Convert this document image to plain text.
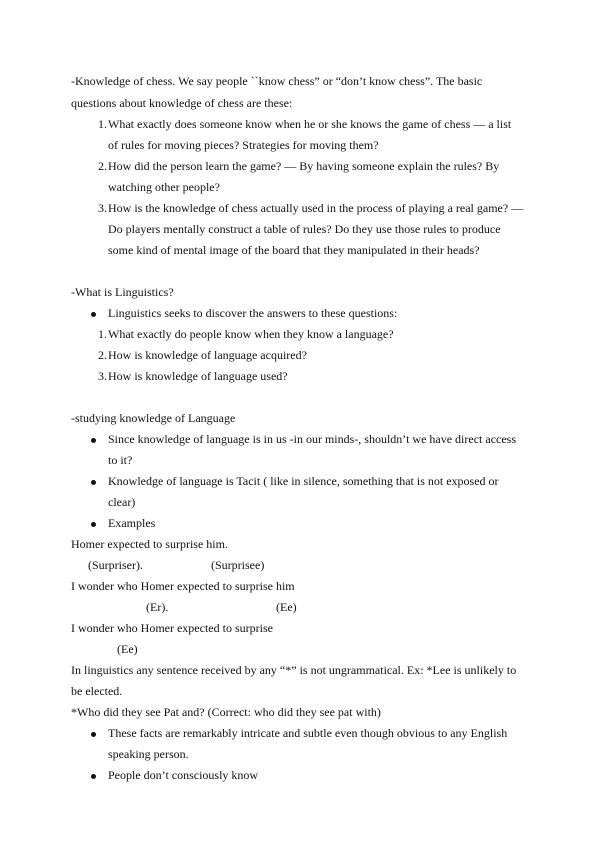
-Knowledge of chess. We say people ``know chess” or “don’t know chess”. The basic
questions about knowledge of chess are these:
1. What exactly does someone know when he or she knows the game of chess — a list
of rules for moving pieces? Strategies for moving them?
2. How did the person learn the game? — By having someone explain the rules? By
watching other people?
3. How is the knowledge of chess actually used in the process of playing a real game? —
Do players mentally construct a table of rules? Do they use those rules to produce
some kind of mental image of the board that they manipulated in their heads?
-What is Linguistics?
Linguistics seeks to discover the answers to these questions:
1. What exactly do people know when they know a language?
2. How is knowledge of language acquired?
3. How is knowledge of language used?
-studying knowledge of Language
Since knowledge of language is in us -in our minds-, shouldn’t we have direct access
to it?
Knowledge of language is Tacit ( like in silence, something that is not exposed or
clear)
Examples
Homer expected to surprise him.
(Surpriser).	(Surprisee)
I wonder who Homer expected to surprise him
(Er).	(Ee)
I wonder who Homer expected to surprise
(Ee)
In linguistics any sentence received by any “*” is not ungrammatical. Ex: *Lee is unlikely to
be elected.
*Who did they see Pat and? (Correct: who did they see pat with)
These facts are remarkably intricate and subtle even though obvious to any English
speaking person.
People don’t consciously know
